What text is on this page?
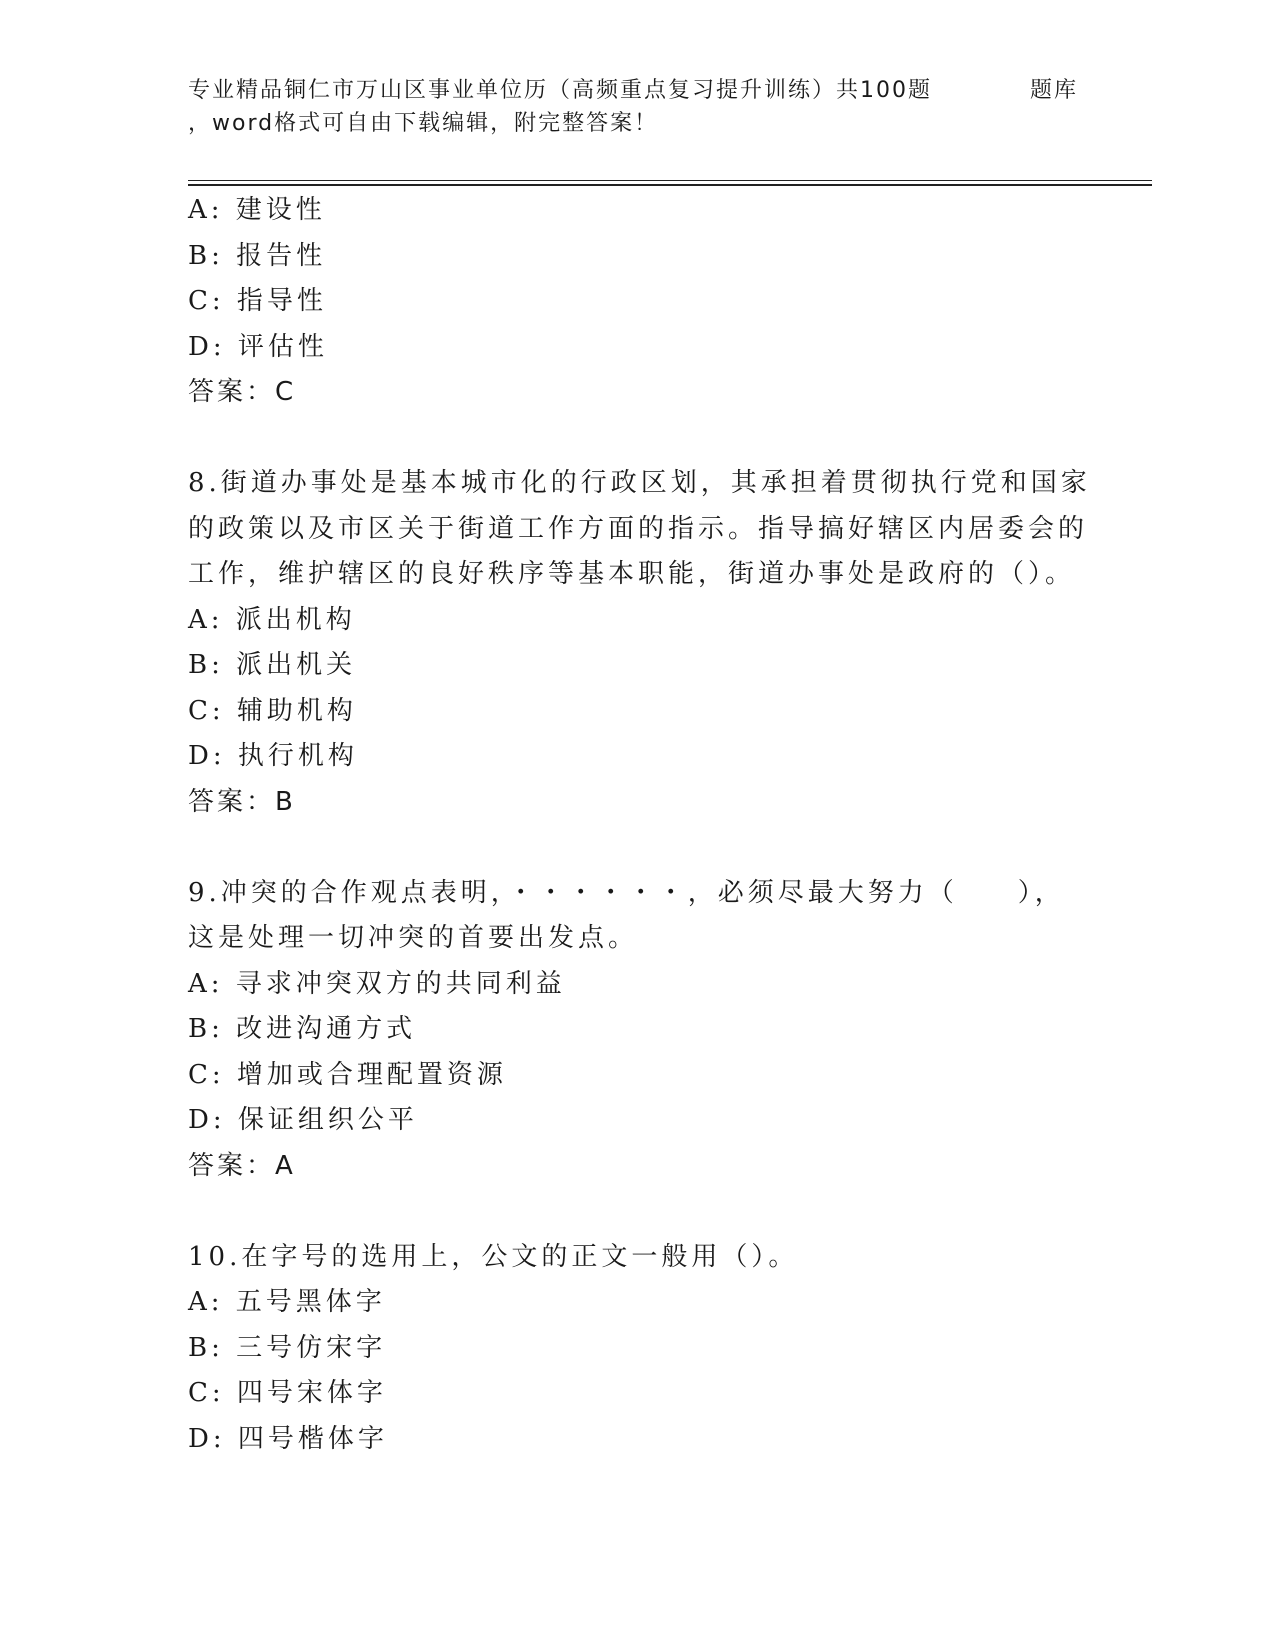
专业精品铜仁市万山区事业单位历（高频重点复习提升训练）共100题	题库
，word格式可自由下载编辑，附完整答案！
A: 建设性
B: 报告性
C: 指导性
D: 评估性
答案：C
8.街道办事处是基本城市化的行政区划，其承担着贯彻执行党和国家
的政策以及市区关于街道工作方面的指示。指导搞好辖区内居委会的
工作，维护辖区的良好秩序等基本职能，街道办事处是政府的（）。
A: 派出机构
B: 派出机关
C: 辅助机构
D: 执行机构
答案：B
9.冲突的合作观点表明，・・・・・・，必须尽最大努力（　　），
这是处理一切冲突的首要出发点。
A: 寻求冲突双方的共同利益
B: 改进沟通方式
C: 增加或合理配置资源
D: 保证组织公平
答案：A
10.在字号的选用上，公文的正文一般用（）。
A: 五号黑体字
B: 三号仿宋字
C: 四号宋体字
D: 四号楷体字
